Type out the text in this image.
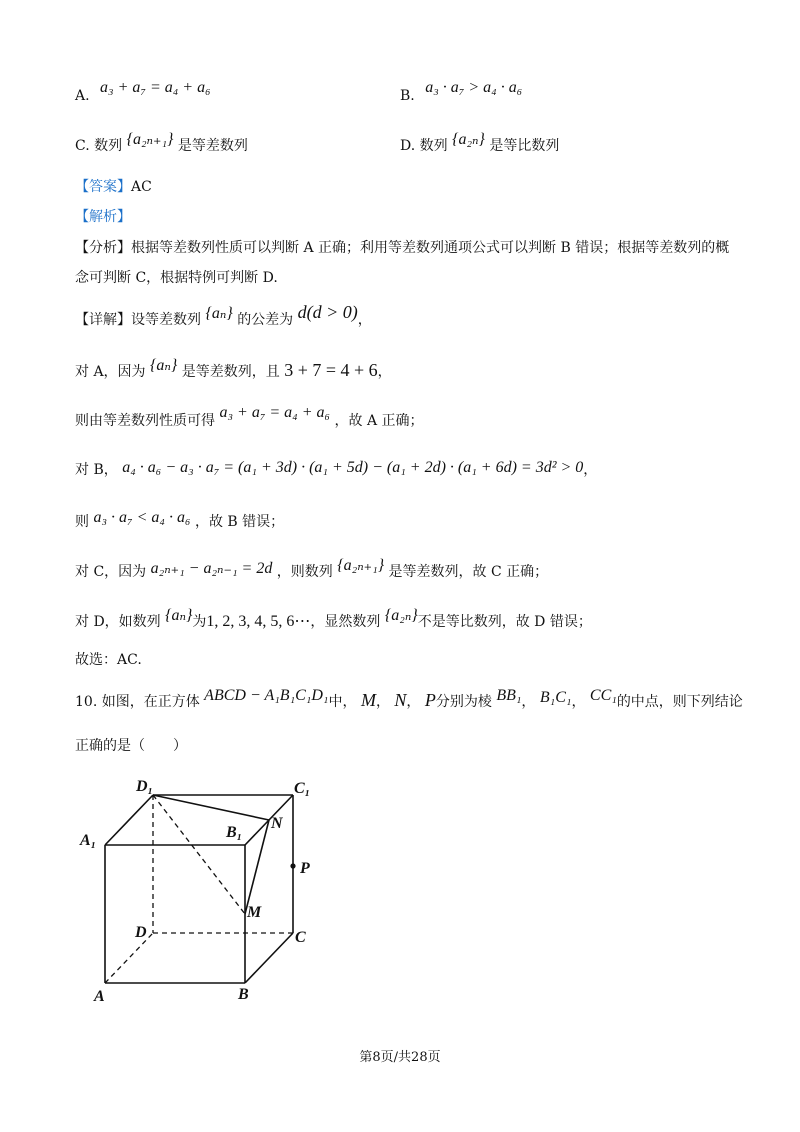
A. a₃ + a₇ = a₄ + a₆	B. a₃ · a₇ > a₄ · a₆
C. 数列 {a₂ₙ₊₁} 是等差数列	D. 数列 {a₂ₙ} 是等比数列
【答案】AC
【解析】
【分析】根据等差数列性质可以判断 A 正确；利用等差数列通项公式可以判断 B 错误；根据等差数列的概
念可判断 C，根据特例可判断 D.
【详解】设等差数列 {aₙ} 的公差为 d(d > 0)，
对 A，因为 {aₙ} 是等差数列，且 3 + 7 = 4 + 6，
则由等差数列性质可得 a₃ + a₇ = a₄ + a₆ ，故 A 正确；
对 B， a₄ · a₆ − a₃ · a₇ = (a₁ + 3d) · (a₁ + 5d) − (a₁ + 2d) · (a₁ + 6d) = 3d² > 0，
则 a₃ · a₇ < a₄ · a₆ ，故 B 错误；
对 C，因为 a₂ₙ₊₁ − a₂ₙ₋₁ = 2d ，则数列 {a₂ₙ₊₁} 是等差数列，故 C 正确；
对 D，如数列 {aₙ}为1, 2, 3, 4, 5, 6⋯，显然数列 {a₂ₙ}不是等比数列，故 D 错误；
故选：AC.
10. 如图，在正方体 ABCD − A₁B₁C₁D₁中， M， N， P分别为棱 BB₁， B₁C₁， CC₁的中点，则下列结论
正确的是（　　）
D₁	C₁
A₁	B₁
N
P
M
D	C
A	B
第8页/共28页
